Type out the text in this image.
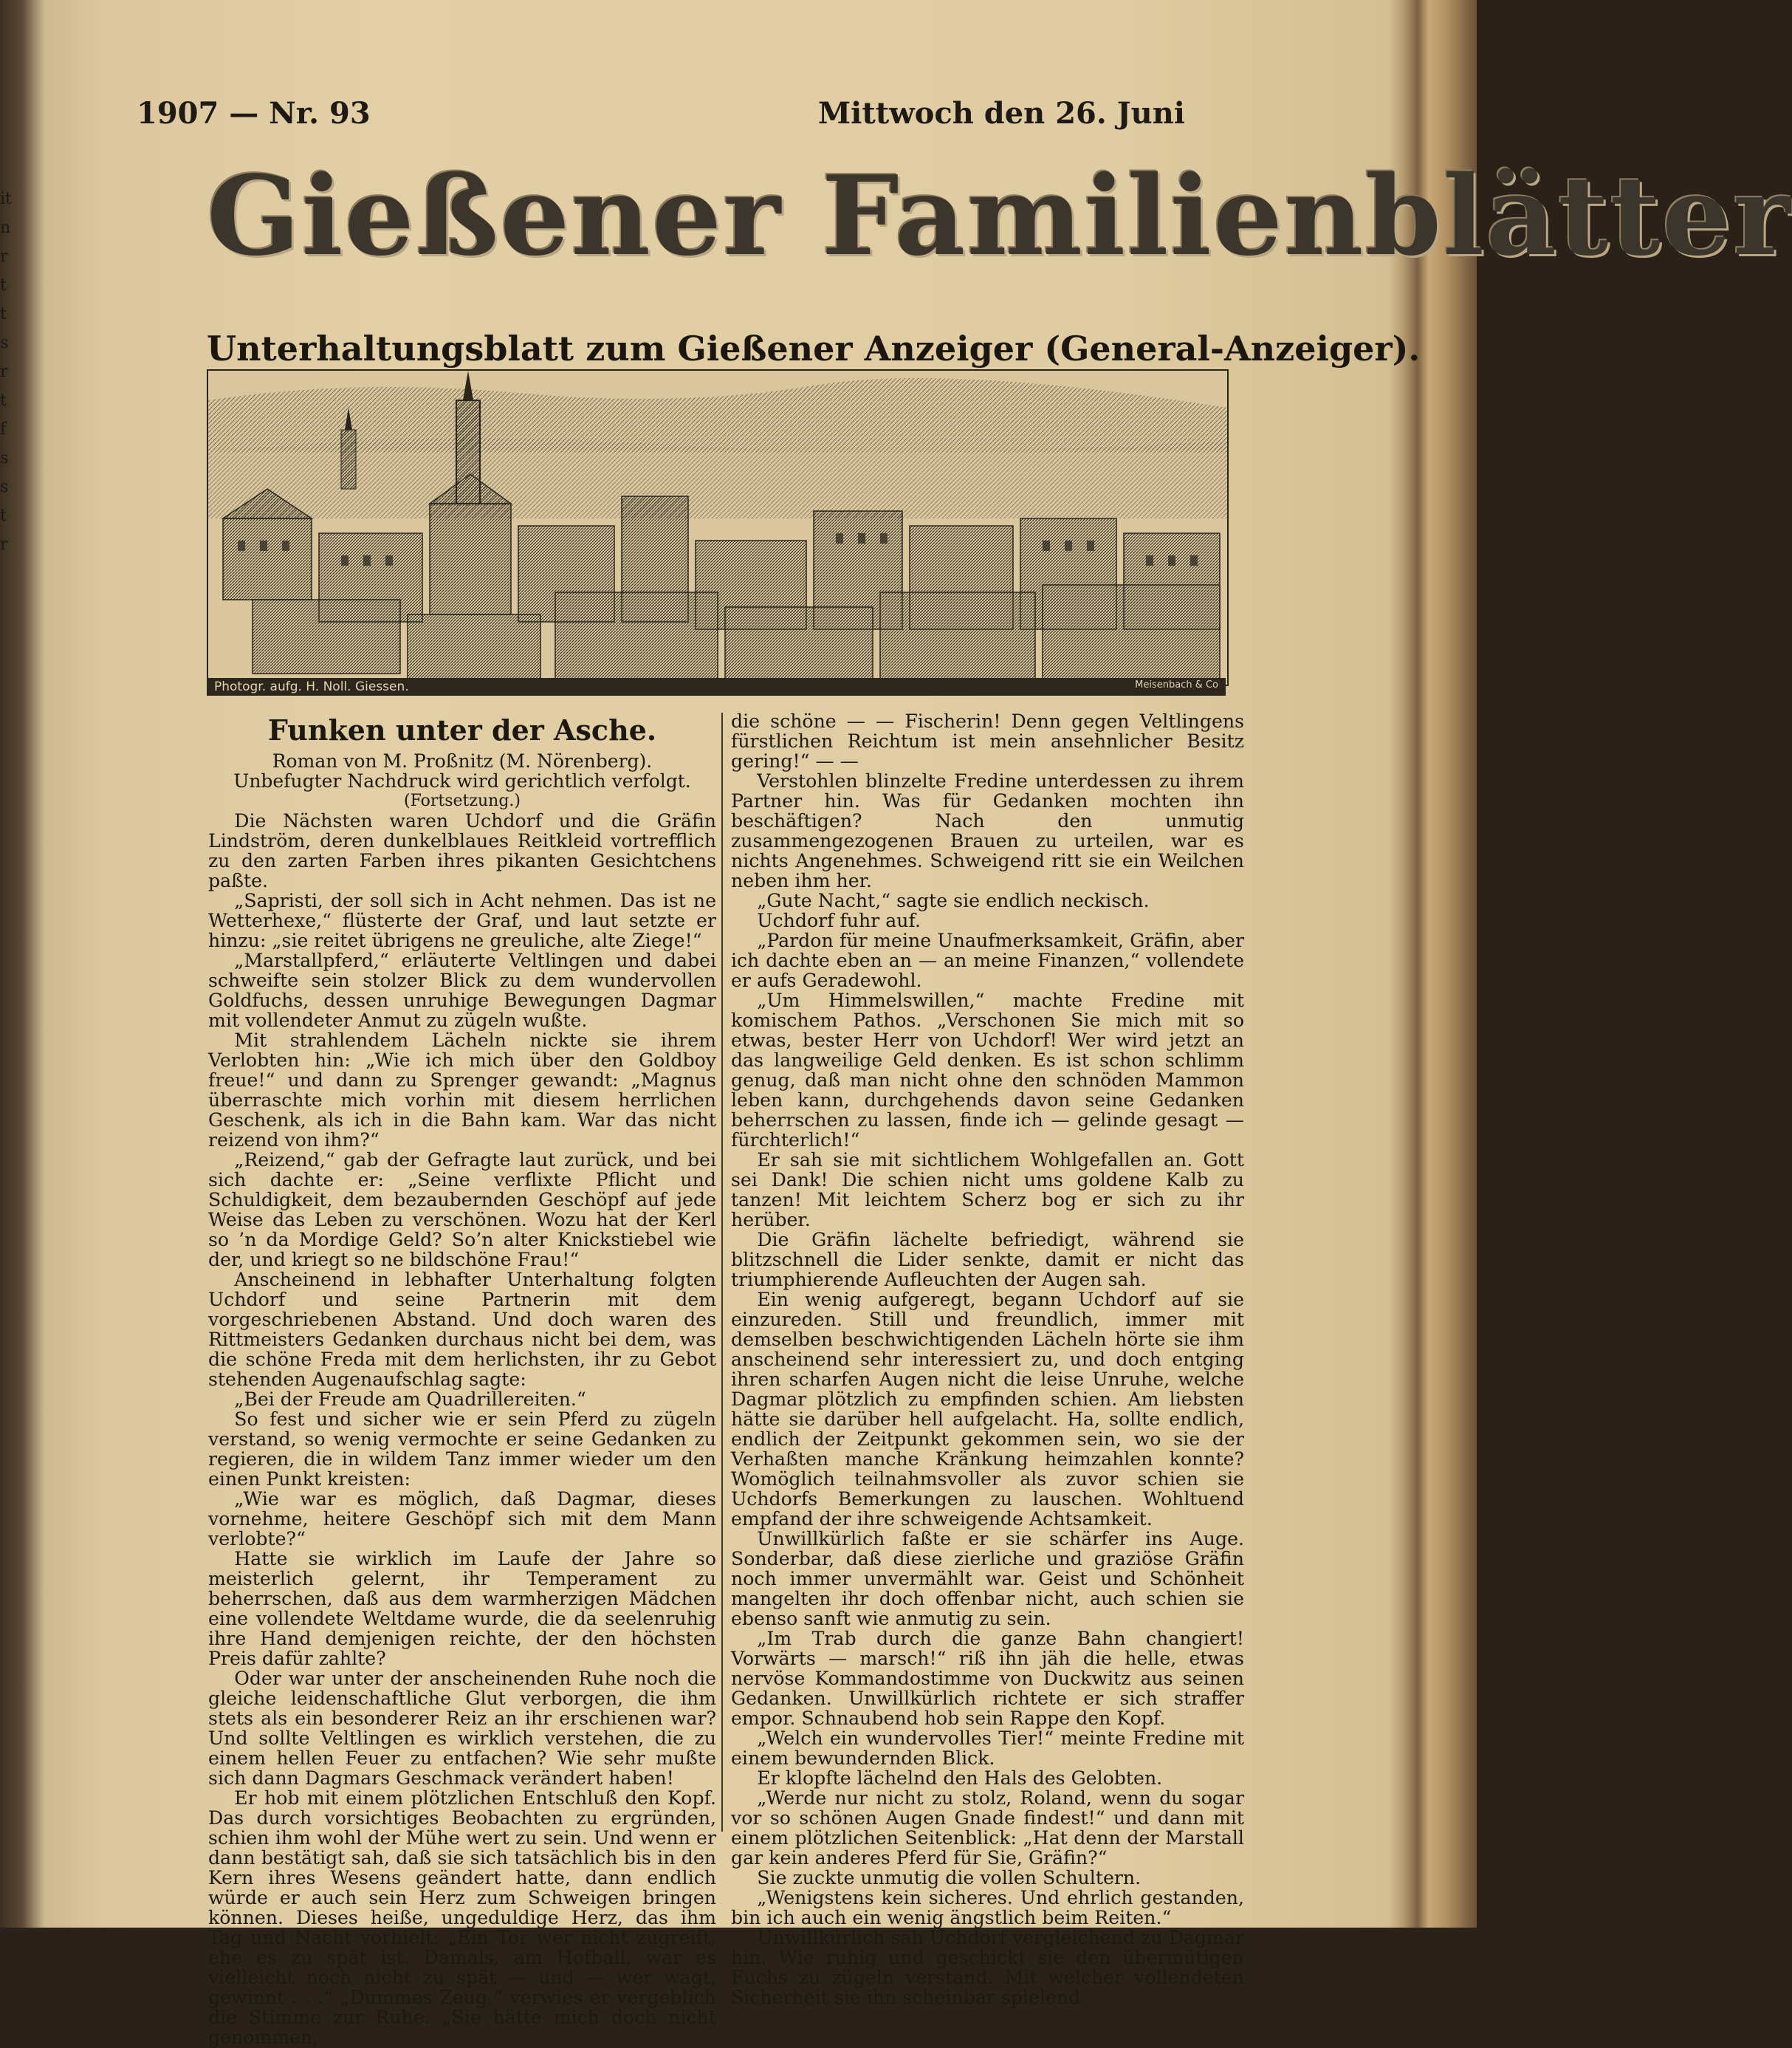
it
n
r
t
t
s
r
t
f
s
s
t
r
1907 — Nr. 93	Mittwoch den 26. Juni
Gießener Familienblätter
Unterhaltungsblatt zum Gießener Anzeiger (General-Anzeiger).
Photogr. aufg. H. Noll. Giessen.	Meisenbach & Co
Funken unter der Asche.

Roman von M. Proßnitz (M. Nörenberg).

Unbefugter Nachdruck wird gerichtlich verfolgt.

(Fortsetzung.)

Die Nächsten waren Uchdorf und die Gräfin Lindström, deren dunkelblaues Reitkleid vortrefflich zu den zarten Farben ihres pikanten Gesichtchens paßte.

„Sapristi, der soll sich in Acht nehmen. Das ist ne Wetterhexe,“ flüsterte der Graf, und laut setzte er hinzu: „sie reitet übrigens ne greuliche, alte Ziege!“

„Marstallpferd,“ erläuterte Veltlingen und dabei schweifte sein stolzer Blick zu dem wundervollen Goldfuchs, dessen unruhige Bewegungen Dagmar mit vollendeter Anmut zu zügeln wußte.

Mit strahlendem Lächeln nickte sie ihrem Verlobten hin: „Wie ich mich über den Goldboy freue!“ und dann zu Sprenger gewandt: „Magnus überraschte mich vorhin mit diesem herrlichen Geschenk, als ich in die Bahn kam. War das nicht reizend von ihm?“

„Reizend,“ gab der Gefragte laut zurück, und bei sich dachte er: „Seine verflixte Pflicht und Schuldigkeit, dem bezaubernden Geschöpf auf jede Weise das Leben zu verschönen. Wozu hat der Kerl so ’n da Mordige Geld? So’n alter Knickstiebel wie der, und kriegt so ne bildschöne Frau!“

Anscheinend in lebhafter Unterhaltung folgten Uchdorf und seine Partnerin mit dem vorgeschriebenen Abstand. Und doch waren des Rittmeisters Gedanken durchaus nicht bei dem, was die schöne Freda mit dem herlichsten, ihr zu Gebot stehenden Augenaufschlag sagte:

„Bei der Freude am Quadrillereiten.“

So fest und sicher wie er sein Pferd zu zügeln verstand, so wenig vermochte er seine Gedanken zu regieren, die in wildem Tanz immer wieder um den einen Punkt kreisten:

„Wie war es möglich, daß Dagmar, dieses vornehme, heitere Geschöpf sich mit dem Mann verlobte?“

Hatte sie wirklich im Laufe der Jahre so meisterlich gelernt, ihr Temperament zu beherrschen, daß aus dem warmherzigen Mädchen eine vollendete Weltdame wurde, die da seelenruhig ihre Hand demjenigen reichte, der den höchsten Preis dafür zahlte?

Oder war unter der anscheinenden Ruhe noch die gleiche leidenschaftliche Glut verborgen, die ihm stets als ein besonderer Reiz an ihr erschienen war? Und sollte Veltlingen es wirklich verstehen, die zu einem hellen Feuer zu entfachen? Wie sehr mußte sich dann Dagmars Geschmack verändert haben!

Er hob mit einem plötzlichen Entschluß den Kopf. Das durch vorsichtiges Beobachten zu ergründen, schien ihm wohl der Mühe wert zu sein. Und wenn er dann bestätigt sah, daß sie sich tatsächlich bis in den Kern ihres Wesens geändert hatte, dann endlich würde er auch sein Herz zum Schweigen bringen können. Dieses heiße, ungeduldige Herz, das ihm Tag und Nacht vorhielt: „Ein Tor wer nicht zugreift, ehe es zu spät ist. Damals, am Hofball, war es vielleicht noch nicht zu spät — und — wer wagt, gewinnt . . .“ „Dummes Zeug,“ verwies er vergeblich die Stimme zur Ruhe. „Sie hätte mich doch nicht genommen,

die schöne — — Fischerin! Denn gegen Veltlingens fürstlichen Reichtum ist mein ansehnlicher Besitz gering!“ — —

Verstohlen blinzelte Fredine unterdessen zu ihrem Partner hin. Was für Gedanken mochten ihn beschäftigen? Nach den unmutig zusammengezogenen Brauen zu urteilen, war es nichts Angenehmes. Schweigend ritt sie ein Weilchen neben ihm her.

„Gute Nacht,“ sagte sie endlich neckisch.

Uchdorf fuhr auf.

„Pardon für meine Unaufmerksamkeit, Gräfin, aber ich dachte eben an — an meine Finanzen,“ vollendete er aufs Geradewohl.

„Um Himmelswillen,“ machte Fredine mit komischem Pathos. „Verschonen Sie mich mit so etwas, bester Herr von Uchdorf! Wer wird jetzt an das langweilige Geld denken. Es ist schon schlimm genug, daß man nicht ohne den schnöden Mammon leben kann, durchgehends davon seine Gedanken beherrschen zu lassen, finde ich — gelinde gesagt — fürchterlich!“

Er sah sie mit sichtlichem Wohlgefallen an. Gott sei Dank! Die schien nicht ums goldene Kalb zu tanzen! Mit leichtem Scherz bog er sich zu ihr herüber.

Die Gräfin lächelte befriedigt, während sie blitzschnell die Lider senkte, damit er nicht das triumphierende Aufleuchten der Augen sah.

Ein wenig aufgeregt, begann Uchdorf auf sie einzureden. Still und freundlich, immer mit demselben beschwichtigenden Lächeln hörte sie ihm anscheinend sehr interessiert zu, und doch entging ihren scharfen Augen nicht die leise Unruhe, welche Dagmar plötzlich zu empfinden schien. Am liebsten hätte sie darüber hell aufgelacht. Ha, sollte endlich, endlich der Zeitpunkt gekommen sein, wo sie der Verhaßten manche Kränkung heimzahlen konnte? Womöglich teilnahmsvoller als zuvor schien sie Uchdorfs Bemerkungen zu lauschen. Wohltuend empfand der ihre schweigende Achtsamkeit.

Unwillkürlich faßte er sie schärfer ins Auge. Sonderbar, daß diese zierliche und graziöse Gräfin noch immer unvermählt war. Geist und Schönheit mangelten ihr doch offenbar nicht, auch schien sie ebenso sanft wie anmutig zu sein.

„Im Trab durch die ganze Bahn changiert! Vorwärts — marsch!“ riß ihn jäh die helle, etwas nervöse Kommandostimme von Duckwitz aus seinen Gedanken. Unwillkürlich richtete er sich straffer empor. Schnaubend hob sein Rappe den Kopf.

„Welch ein wundervolles Tier!“ meinte Fredine mit einem bewundernden Blick.

Er klopfte lächelnd den Hals des Gelobten.

„Werde nur nicht zu stolz, Roland, wenn du sogar vor so schönen Augen Gnade findest!“ und dann mit einem plötzlichen Seitenblick: „Hat denn der Marstall gar kein anderes Pferd für Sie, Gräfin?“

Sie zuckte unmutig die vollen Schultern.

„Wenigstens kein sicheres. Und ehrlich gestanden, bin ich auch ein wenig ängstlich beim Reiten.“

Unwillkürlich sah Uchdorf vergleichend zu Dagmar hin. Wie ruhig und geschickt sie den übermütigen Fuchs zu zügeln verstand. Mit welcher vollendeten Sicherheit sie ihn scheinbar spielend
